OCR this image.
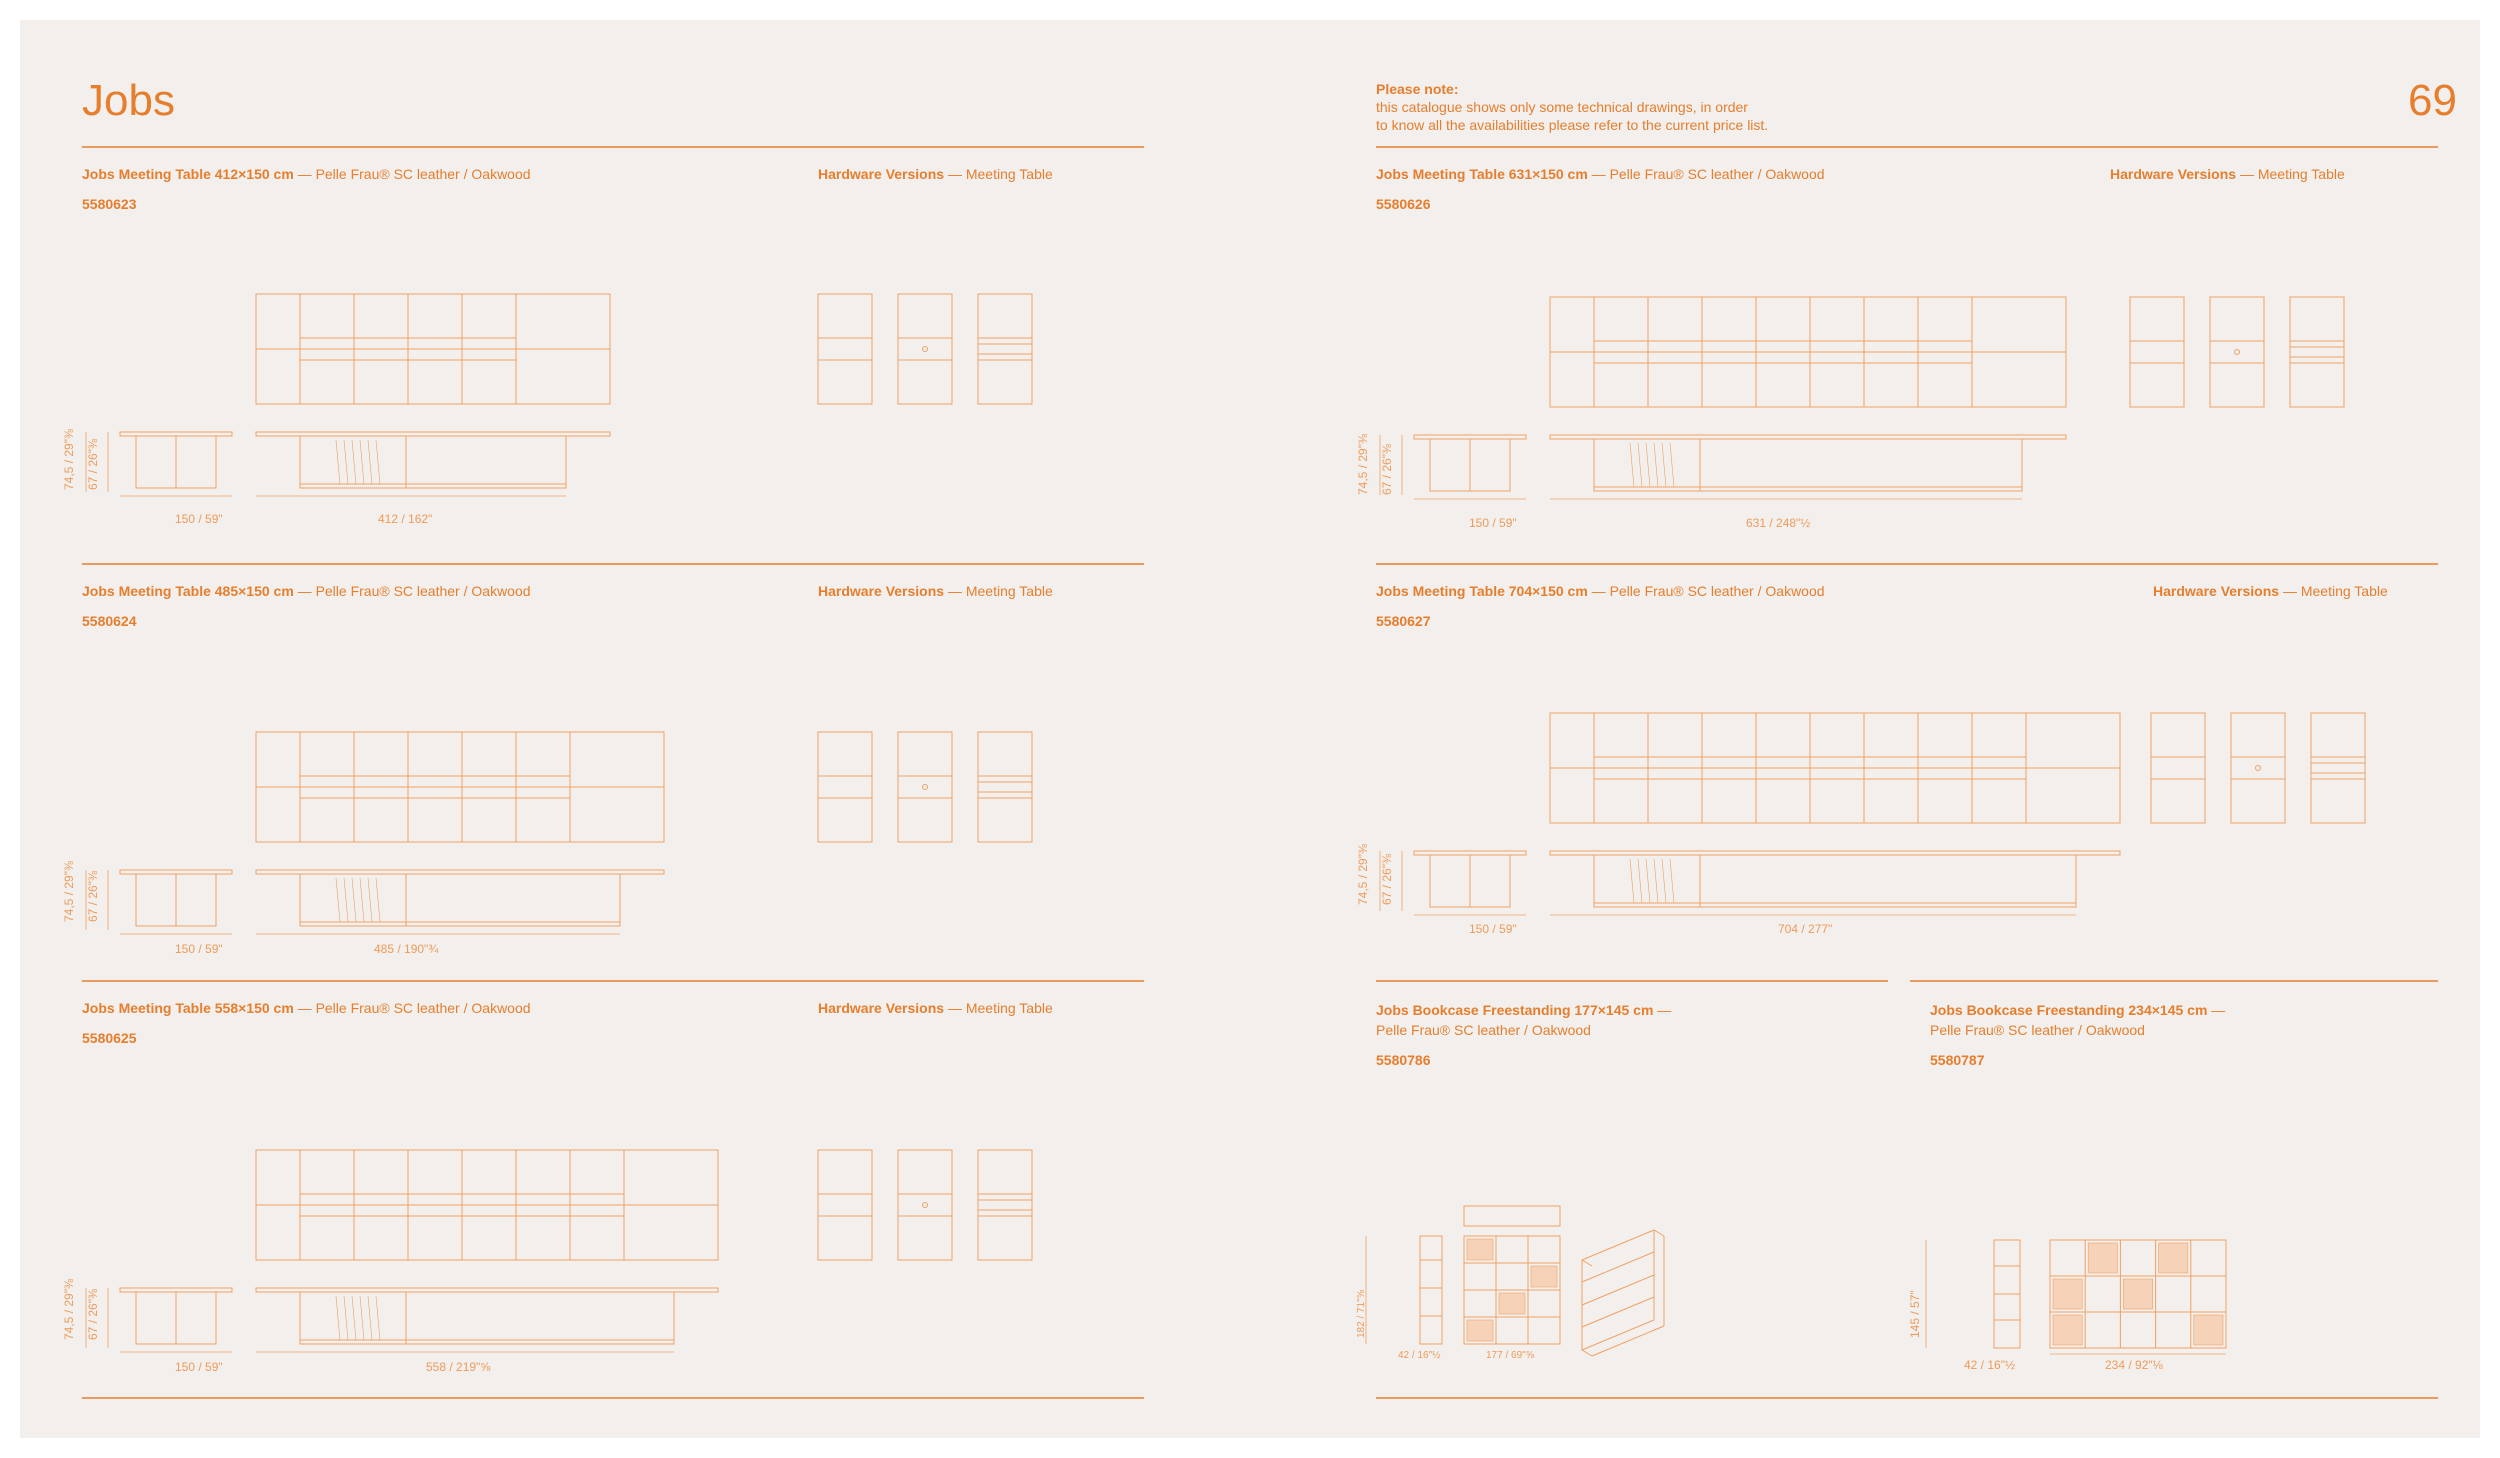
Jobs	69
Please note:
this catalogue shows only some technical drawings, in order
to know all the availabilities please refer to the current price list.
Jobs Meeting Table 412×150 cm — Pelle Frau® SC leather / Oakwood
5580623
Hardware Versions — Meeting Table
Jobs Meeting Table 485×150 cm — Pelle Frau® SC leather / Oakwood
5580624
Hardware Versions — Meeting Table
Jobs Meeting Table 558×150 cm — Pelle Frau® SC leather / Oakwood
5580625
Hardware Versions — Meeting Table
Jobs Meeting Table 631×150 cm — Pelle Frau® SC leather / Oakwood
5580626
Hardware Versions — Meeting Table
Jobs Meeting Table 704×150 cm — Pelle Frau® SC leather / Oakwood
5580627
Hardware Versions — Meeting Table
Jobs Bookcase Freestanding 177×145 cm —
Pelle Frau® SC leather / Oakwood
5580786
Jobs Bookcase Freestanding 234×145 cm —
Pelle Frau® SC leather / Oakwood
5580787
150 / 59"	412 / 162"
74,5 / 29"⅜ 67 / 26"⅜
150 / 59"	485 / 190"¾
74,5 / 29"⅜ 67 / 26"⅜
150 / 59"	558 / 219"⅝
74,5 / 29"⅜ 67 / 26"⅜
150 / 59"	631 / 248"½
74,5 / 29"⅜ 67 / 26"⅜
150 / 59"	704 / 277"
74,5 / 29"⅜ 67 / 26"⅜
42 / 16"½	177 / 69"⅝
182 / 71"⅝
42 / 16"½	234 / 92"⅛
145 / 57"
